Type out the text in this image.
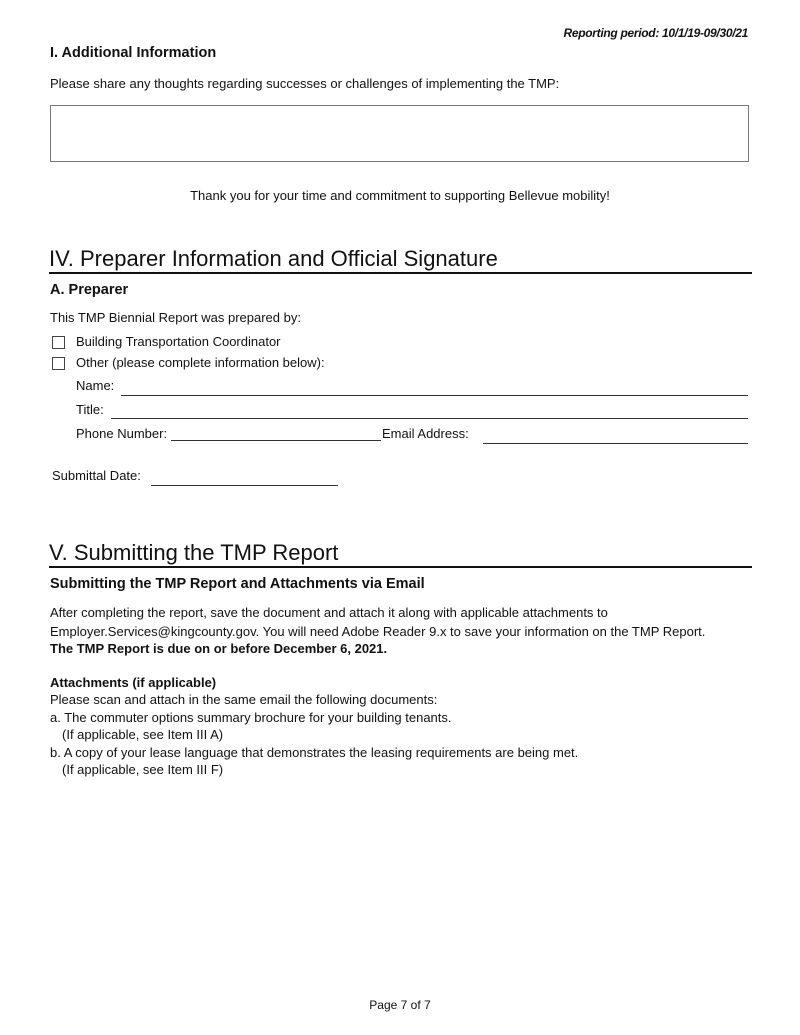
Reporting period: 10/1/19-09/30/21
I. Additional Information
Please share any thoughts regarding successes or challenges of implementing the TMP:
Thank you for your time and commitment to supporting Bellevue mobility!
IV. Preparer Information and Official Signature
A. Preparer
This TMP Biennial Report was prepared by:
Building Transportation Coordinator
Other (please complete information below):
Name:
Title:
Phone Number:	Email Address:
Submittal Date:
V. Submitting the TMP Report
Submitting the TMP Report and Attachments via Email
After completing the report, save the document and attach it along with applicable attachments to
Employer.Services@kingcounty.gov. You will need Adobe Reader 9.x to save your information on the TMP Report.
The TMP Report is due on or before December 6, 2021.
Attachments (if applicable)
Please scan and attach in the same email the following documents:
a. The commuter options summary brochure for your building tenants.
(If applicable, see Item III A)
b. A copy of your lease language that demonstrates the leasing requirements are being met.
(If applicable, see Item III F)
Page 7 of 7
